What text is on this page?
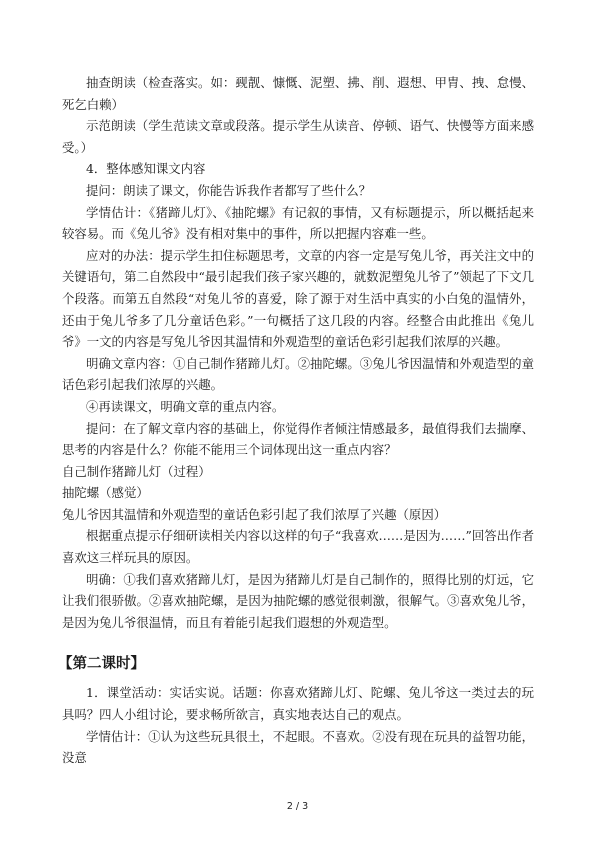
抽查朗读（检查落实。如：觋靓、慷慨、泥塑、拂、削、遐想、甲胄、拽、怠慢、死乞白赖）

示范朗读（学生范读文章或段落。提示学生从读音、停顿、语气、快慢等方面来感受。）

4．整体感知课文内容

提问：朗读了课文，你能告诉我作者都写了些什么？

学情估计：《猪蹄儿灯》、《抽陀螺》有记叙的事情，又有标题提示，所以概括起来较容易。而《兔儿爷》没有相对集中的事件，所以把握内容难一些。

应对的办法：提示学生扣住标题思考，文章的内容一定是写兔儿爷，再关注文中的关键语句，第二自然段中“最引起我们孩子家兴趣的，就数泥塑兔儿爷了”领起了下文几个段落。而第五自然段“对兔儿爷的喜爱，除了源于对生活中真实的小白兔的温情外，还由于兔儿爷多了几分童话色彩。”一句概括了这几段的内容。经整合由此推出《兔儿爷》一文的内容是写兔儿爷因其温情和外观造型的童话色彩引起我们浓厚的兴趣。

明确文章内容：①自己制作猪蹄儿灯。②抽陀螺。③兔儿爷因温情和外观造型的童话色彩引起我们浓厚的兴趣。

④再读课文，明确文章的重点内容。

提问：在了解文章内容的基础上，你觉得作者倾注情感最多，最值得我们去揣摩、思考的内容是什么？你能不能用三个词体现出这一重点内容？

自己制作猪蹄儿灯（过程）

抽陀螺（感觉）

兔儿爷因其温情和外观造型的童话色彩引起了我们浓厚了兴趣（原因）

根据重点提示仔细研读相关内容以这样的句子“我喜欢……是因为……”回答出作者喜欢这三样玩具的原因。

明确：①我们喜欢猪蹄儿灯，是因为猪蹄儿灯是自己制作的，照得比别的灯远，它让我们很骄傲。②喜欢抽陀螺，是因为抽陀螺的感觉很刺激，很解气。③喜欢兔儿爷，是因为兔儿爷很温情，而且有着能引起我们遐想的外观造型。

【第二课时】

1．课堂活动：实话实说。话题：你喜欢猪蹄儿灯、陀螺、兔儿爷这一类过去的玩具吗？四人小组讨论，要求畅所欲言，真实地表达自己的观点。

学情估计：①认为这些玩具很土，不起眼。不喜欢。②没有现在玩具的益智功能，没意

2 / 3
